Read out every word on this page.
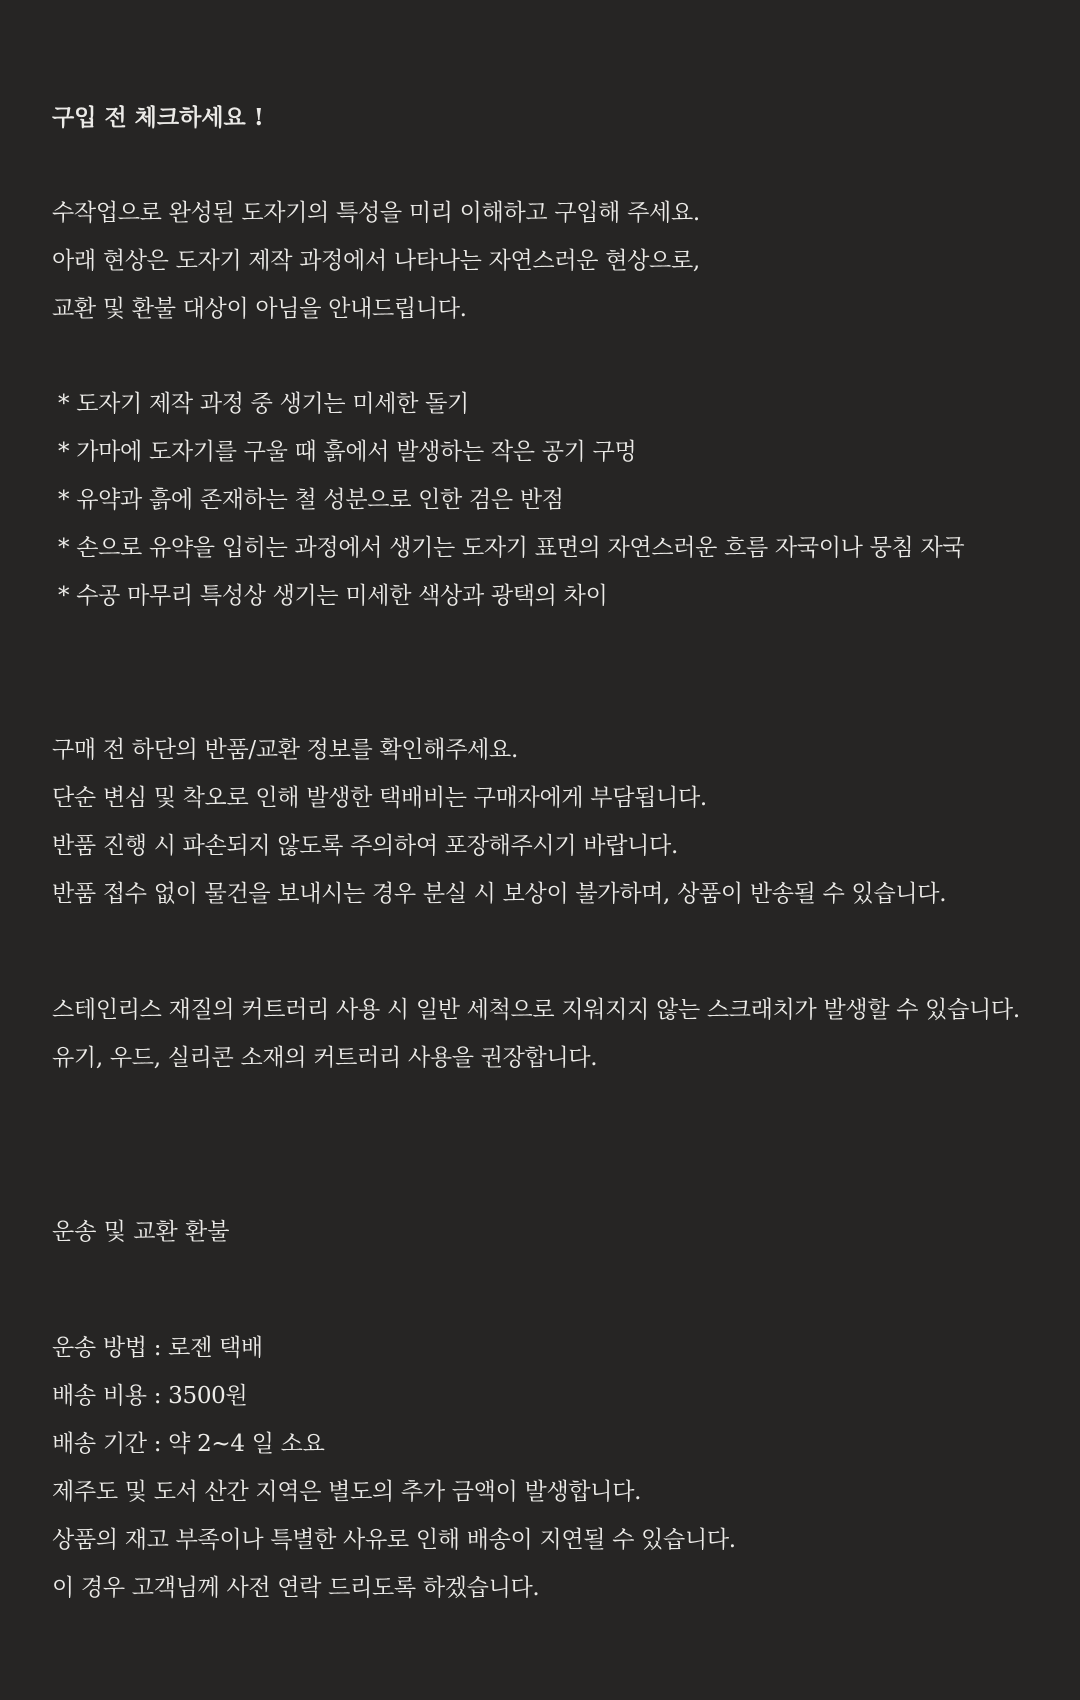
구입 전 체크하세요 !
수작업으로 완성된 도자기의 특성을 미리 이해하고 구입해 주세요.
아래 현상은 도자기 제작 과정에서 나타나는 자연스러운 현상으로,
교환 및 환불 대상이 아님을 안내드립니다.
* 도자기 제작 과정 중 생기는 미세한 돌기
* 가마에 도자기를 구울 때 흙에서 발생하는 작은 공기 구멍
* 유약과 흙에 존재하는 철 성분으로 인한 검은 반점
* 손으로 유약을 입히는 과정에서 생기는 도자기 표면의 자연스러운 흐름 자국이나 뭉침 자국
* 수공 마무리 특성상 생기는 미세한 색상과 광택의 차이
구매 전 하단의 반품/교환 정보를 확인해주세요.
단순 변심 및 착오로 인해 발생한 택배비는 구매자에게 부담됩니다.
반품 진행 시 파손되지 않도록 주의하여 포장해주시기 바랍니다.
반품 접수 없이 물건을 보내시는 경우 분실 시 보상이 불가하며, 상품이 반송될 수 있습니다.
스테인리스 재질의 커트러리 사용 시 일반 세척으로 지워지지 않는 스크래치가 발생할 수 있습니다.
유기, 우드, 실리콘 소재의 커트러리 사용을 권장합니다.
운송 및 교환 환불
운송 방법 : 로젠 택배
배송 비용 : 3500원
배송 기간 : 약 2~4 일 소요
제주도 및 도서 산간 지역은 별도의 추가 금액이 발생합니다.
상품의 재고 부족이나 특별한 사유로 인해 배송이 지연될 수 있습니다.
이 경우 고객님께 사전 연락 드리도록 하겠습니다.
